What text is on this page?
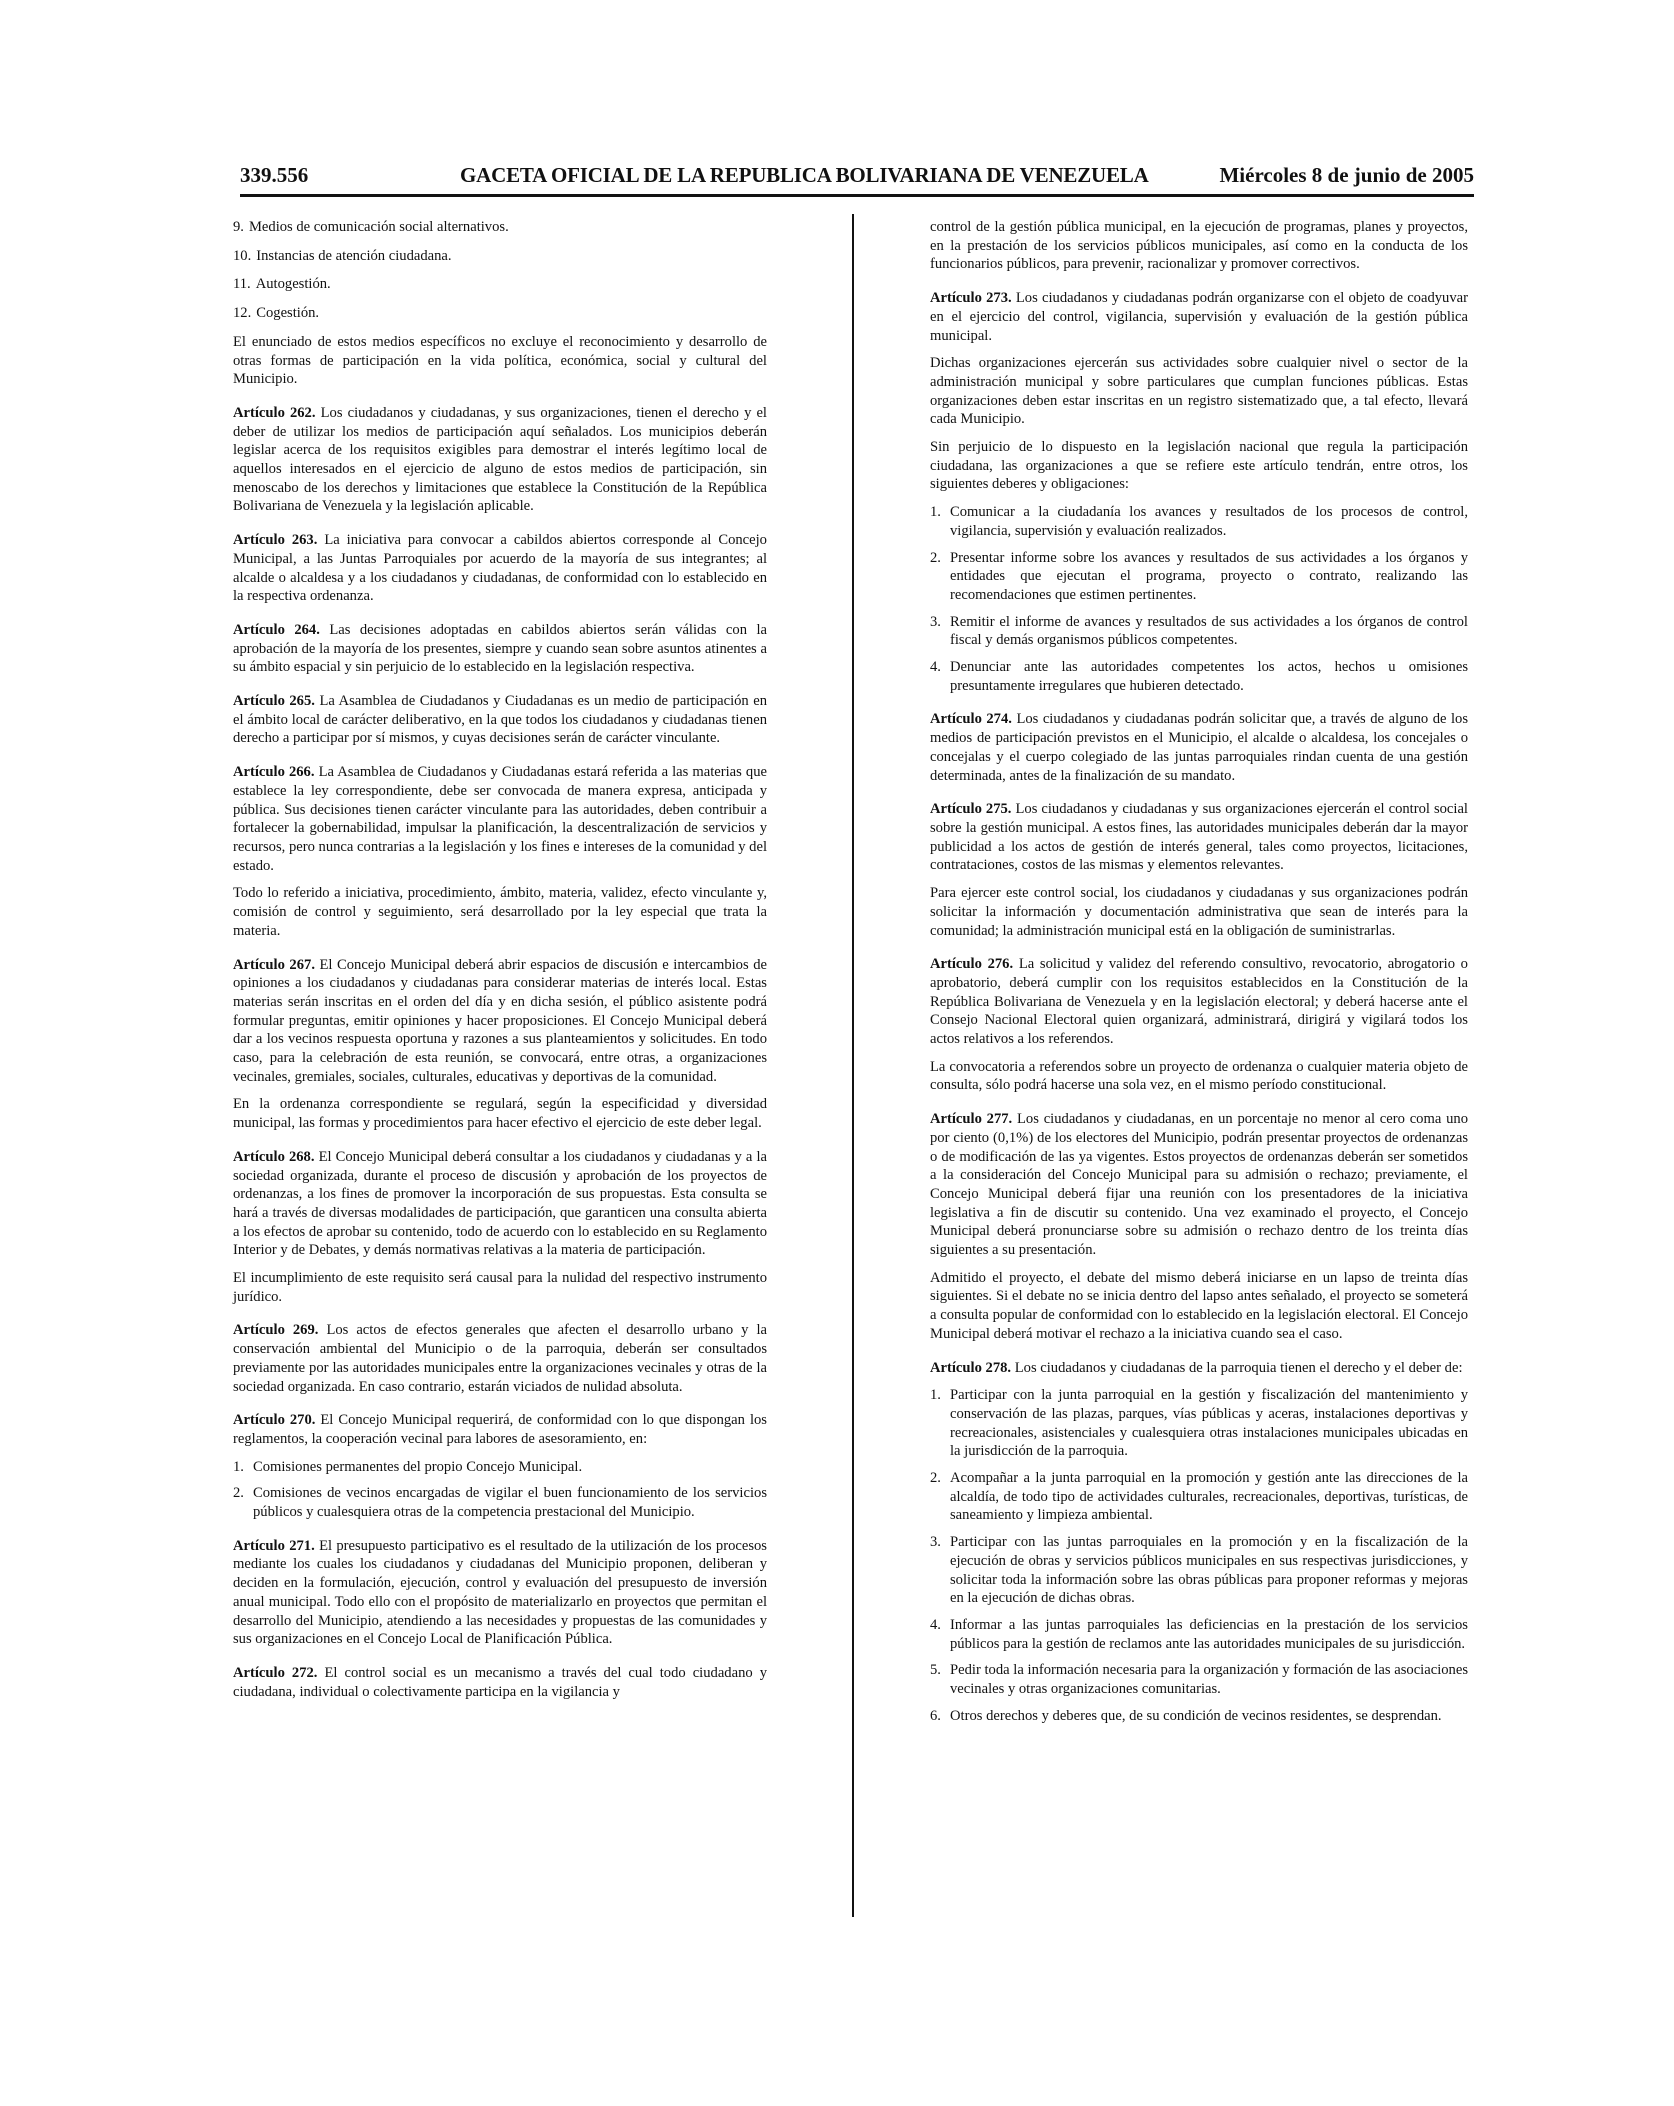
339.556	GACETA OFICIAL DE LA REPUBLICA BOLIVARIANA DE VENEZUELA	Miércoles 8 de junio de 2005
9. Medios de comunicación social alternativos.
10. Instancias de atención ciudadana.
11. Autogestión.
12. Cogestión.

El enunciado de estos medios específicos no excluye el reconocimiento y desarrollo de otras formas de participación en la vida política, económica, social y cultural del Municipio.

Artículo 262. Los ciudadanos y ciudadanas, y sus organizaciones, tienen el derecho y el deber de utilizar los medios de participación aquí señalados. Los municipios deberán legislar acerca de los requisitos exigibles para demostrar el interés legítimo local de aquellos interesados en el ejercicio de alguno de estos medios de participación, sin menoscabo de los derechos y limitaciones que establece la Constitución de la República Bolivariana de Venezuela y la legislación aplicable.

Artículo 263. La iniciativa para convocar a cabildos abiertos corresponde al Concejo Municipal, a las Juntas Parroquiales por acuerdo de la mayoría de sus integrantes; al alcalde o alcaldesa y a los ciudadanos y ciudadanas, de conformidad con lo establecido en la respectiva ordenanza.

Artículo 264. Las decisiones adoptadas en cabildos abiertos serán válidas con la aprobación de la mayoría de los presentes, siempre y cuando sean sobre asuntos atinentes a su ámbito espacial y sin perjuicio de lo establecido en la legislación respectiva.

Artículo 265. La Asamblea de Ciudadanos y Ciudadanas es un medio de participación en el ámbito local de carácter deliberativo, en la que todos los ciudadanos y ciudadanas tienen derecho a participar por sí mismos, y cuyas decisiones serán de carácter vinculante.

Artículo 266. La Asamblea de Ciudadanos y Ciudadanas estará referida a las materias que establece la ley correspondiente, debe ser convocada de manera expresa, anticipada y pública. Sus decisiones tienen carácter vinculante para las autoridades, deben contribuir a fortalecer la gobernabilidad, impulsar la planificación, la descentralización de servicios y recursos, pero nunca contrarias a la legislación y los fines e intereses de la comunidad y del estado.

Todo lo referido a iniciativa, procedimiento, ámbito, materia, validez, efecto vinculante y, comisión de control y seguimiento, será desarrollado por la ley especial que trata la materia.

Artículo 267. El Concejo Municipal deberá abrir espacios de discusión e intercambios de opiniones a los ciudadanos y ciudadanas para considerar materias de interés local. Estas materias serán inscritas en el orden del día y en dicha sesión, el público asistente podrá formular preguntas, emitir opiniones y hacer proposiciones. El Concejo Municipal deberá dar a los vecinos respuesta oportuna y razones a sus planteamientos y solicitudes. En todo caso, para la celebración de esta reunión, se convocará, entre otras, a organizaciones vecinales, gremiales, sociales, culturales, educativas y deportivas de la comunidad.

En la ordenanza correspondiente se regulará, según la especificidad y diversidad municipal, las formas y procedimientos para hacer efectivo el ejercicio de este deber legal.

Artículo 268. El Concejo Municipal deberá consultar a los ciudadanos y ciudadanas y a la sociedad organizada, durante el proceso de discusión y aprobación de los proyectos de ordenanzas, a los fines de promover la incorporación de sus propuestas. Esta consulta se hará a través de diversas modalidades de participación, que garanticen una consulta abierta a los efectos de aprobar su contenido, todo de acuerdo con lo establecido en su Reglamento Interior y de Debates, y demás normativas relativas a la materia de participación.

El incumplimiento de este requisito será causal para la nulidad del respectivo instrumento jurídico.

Artículo 269. Los actos de efectos generales que afecten el desarrollo urbano y la conservación ambiental del Municipio o de la parroquia, deberán ser consultados previamente por las autoridades municipales entre la organizaciones vecinales y otras de la sociedad organizada. En caso contrario, estarán viciados de nulidad absoluta.

Artículo 270. El Concejo Municipal requerirá, de conformidad con lo que dispongan los reglamentos, la cooperación vecinal para labores de asesoramiento, en:

1. Comisiones permanentes del propio Concejo Municipal.
2. Comisiones de vecinos encargadas de vigilar el buen funcionamiento de los servicios públicos y cualesquiera otras de la competencia prestacional del Municipio.

Artículo 271. El presupuesto participativo es el resultado de la utilización de los procesos mediante los cuales los ciudadanos y ciudadanas del Municipio proponen, deliberan y deciden en la formulación, ejecución, control y evaluación del presupuesto de inversión anual municipal. Todo ello con el propósito de materializarlo en proyectos que permitan el desarrollo del Municipio, atendiendo a las necesidades y propuestas de las comunidades y sus organizaciones en el Concejo Local de Planificación Pública.

Artículo 272. El control social es un mecanismo a través del cual todo ciudadano y ciudadana, individual o colectivamente participa en la vigilancia y

control de la gestión pública municipal, en la ejecución de programas, planes y proyectos, en la prestación de los servicios públicos municipales, así como en la conducta de los funcionarios públicos, para prevenir, racionalizar y promover correctivos.

Artículo 273. Los ciudadanos y ciudadanas podrán organizarse con el objeto de coadyuvar en el ejercicio del control, vigilancia, supervisión y evaluación de la gestión pública municipal.

Dichas organizaciones ejercerán sus actividades sobre cualquier nivel o sector de la administración municipal y sobre particulares que cumplan funciones públicas. Estas organizaciones deben estar inscritas en un registro sistematizado que, a tal efecto, llevará cada Municipio.

Sin perjuicio de lo dispuesto en la legislación nacional que regula la participación ciudadana, las organizaciones a que se refiere este artículo tendrán, entre otros, los siguientes deberes y obligaciones:

1. Comunicar a la ciudadanía los avances y resultados de los procesos de control, vigilancia, supervisión y evaluación realizados.
2. Presentar informe sobre los avances y resultados de sus actividades a los órganos y entidades que ejecutan el programa, proyecto o contrato, realizando las recomendaciones que estimen pertinentes.
3. Remitir el informe de avances y resultados de sus actividades a los órganos de control fiscal y demás organismos públicos competentes.
4. Denunciar ante las autoridades competentes los actos, hechos u omisiones presuntamente irregulares que hubieren detectado.

Artículo 274. Los ciudadanos y ciudadanas podrán solicitar que, a través de alguno de los medios de participación previstos en el Municipio, el alcalde o alcaldesa, los concejales o concejalas y el cuerpo colegiado de las juntas parroquiales rindan cuenta de una gestión determinada, antes de la finalización de su mandato.

Artículo 275. Los ciudadanos y ciudadanas y sus organizaciones ejercerán el control social sobre la gestión municipal. A estos fines, las autoridades municipales deberán dar la mayor publicidad a los actos de gestión de interés general, tales como proyectos, licitaciones, contrataciones, costos de las mismas y elementos relevantes.

Para ejercer este control social, los ciudadanos y ciudadanas y sus organizaciones podrán solicitar la información y documentación administrativa que sean de interés para la comunidad; la administración municipal está en la obligación de suministrarlas.

Artículo 276. La solicitud y validez del referendo consultivo, revocatorio, abrogatorio o aprobatorio, deberá cumplir con los requisitos establecidos en la Constitución de la República Bolivariana de Venezuela y en la legislación electoral; y deberá hacerse ante el Consejo Nacional Electoral quien organizará, administrará, dirigirá y vigilará todos los actos relativos a los referendos.

La convocatoria a referendos sobre un proyecto de ordenanza o cualquier materia objeto de consulta, sólo podrá hacerse una sola vez, en el mismo período constitucional.

Artículo 277. Los ciudadanos y ciudadanas, en un porcentaje no menor al cero coma uno por ciento (0,1%) de los electores del Municipio, podrán presentar proyectos de ordenanzas o de modificación de las ya vigentes. Estos proyectos de ordenanzas deberán ser sometidos a la consideración del Concejo Municipal para su admisión o rechazo; previamente, el Concejo Municipal deberá fijar una reunión con los presentadores de la iniciativa legislativa a fin de discutir su contenido. Una vez examinado el proyecto, el Concejo Municipal deberá pronunciarse sobre su admisión o rechazo dentro de los treinta días siguientes a su presentación.

Admitido el proyecto, el debate del mismo deberá iniciarse en un lapso de treinta días siguientes. Si el debate no se inicia dentro del lapso antes señalado, el proyecto se someterá a consulta popular de conformidad con lo establecido en la legislación electoral. El Concejo Municipal deberá motivar el rechazo a la iniciativa cuando sea el caso.

Artículo 278. Los ciudadanos y ciudadanas de la parroquia tienen el derecho y el deber de:

1. Participar con la junta parroquial en la gestión y fiscalización del mantenimiento y conservación de las plazas, parques, vías públicas y aceras, instalaciones deportivas y recreacionales, asistenciales y cualesquiera otras instalaciones municipales ubicadas en la jurisdicción de la parroquia.
2. Acompañar a la junta parroquial en la promoción y gestión ante las direcciones de la alcaldía, de todo tipo de actividades culturales, recreacionales, deportivas, turísticas, de saneamiento y limpieza ambiental.
3. Participar con las juntas parroquiales en la promoción y en la fiscalización de la ejecución de obras y servicios públicos municipales en sus respectivas jurisdicciones, y solicitar toda la información sobre las obras públicas para proponer reformas y mejoras en la ejecución de dichas obras.
4. Informar a las juntas parroquiales las deficiencias en la prestación de los servicios públicos para la gestión de reclamos ante las autoridades municipales de su jurisdicción.
5. Pedir toda la información necesaria para la organización y formación de las asociaciones vecinales y otras organizaciones comunitarias.
6. Otros derechos y deberes que, de su condición de vecinos residentes, se desprendan.
